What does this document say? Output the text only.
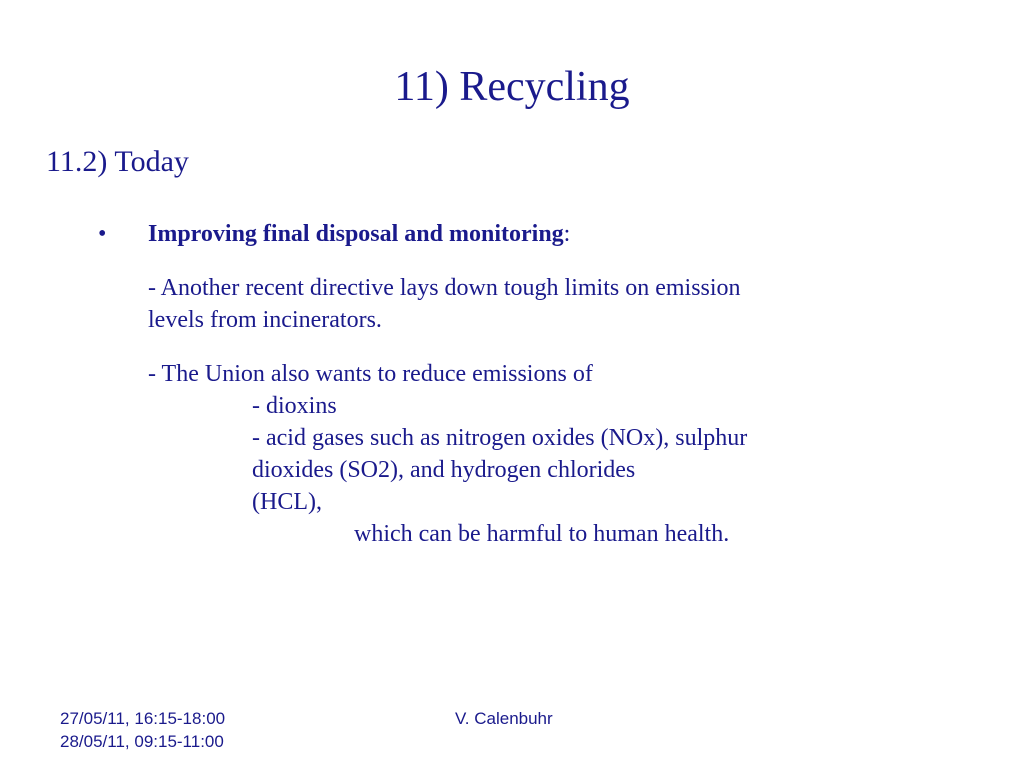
11) Recycling
11.2) Today
• Improving final disposal and monitoring:
- Another recent directive lays down tough limits on emission
levels from incinerators.
- The Union also wants to reduce emissions of
- dioxins
- acid gases such as nitrogen oxides (NOx), sulphur
dioxides (SO2), and hydrogen chlorides
(HCL),
which can be harmful to human health.
27/05/11, 16:15-18:00
28/05/11, 09:15-11:00
V. Calenbuhr
